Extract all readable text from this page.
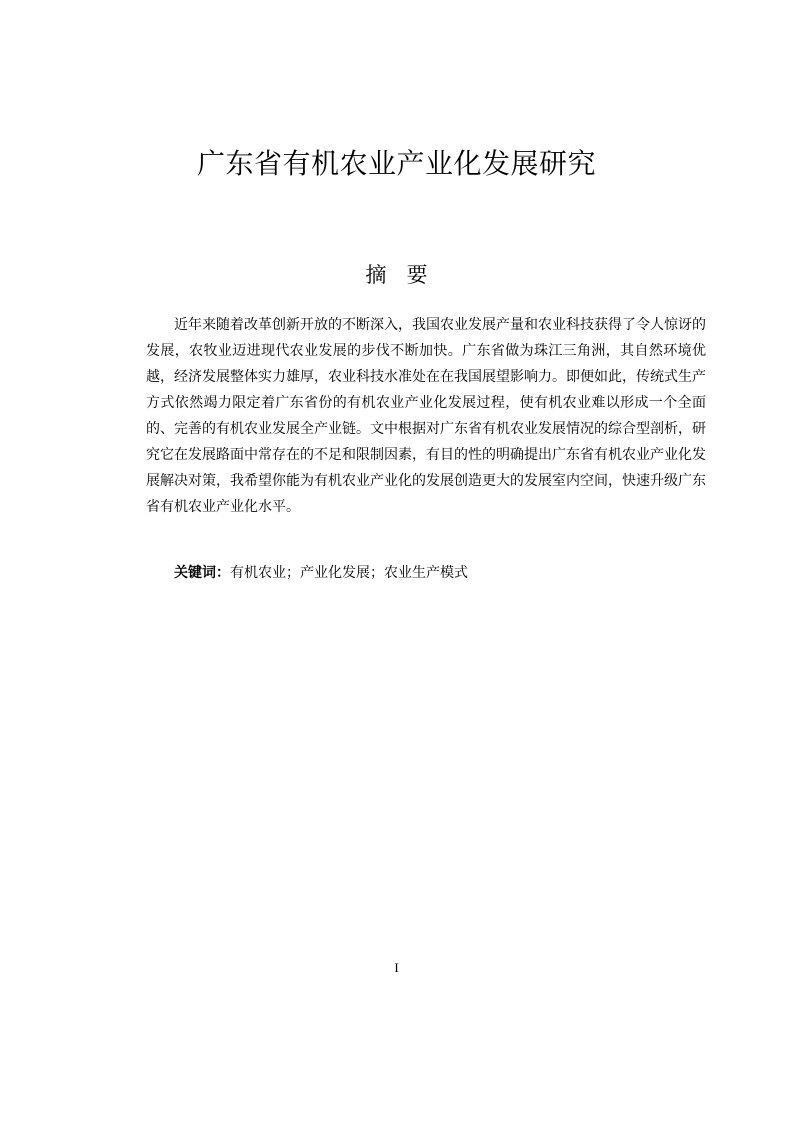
广东省有机农业产业化发展研究
摘要

近年来随着改革创新开放的不断深入，我国农业发展产量和农业科技获得了令人惊讶的发展，农牧业迈进现代农业发展的步伐不断加快。广东省做为珠江三角洲，其自然环境优越，经济发展整体实力雄厚，农业科技水准处在在我国展望影响力。即便如此，传统式生产方式依然竭力限定着广东省份的有机农业产业化发展过程，使有机农业难以形成一个全面的、完善的有机农业发展全产业链。文中根据对广东省有机农业发展情况的综合型剖析，研究它在发展路面中常存在的不足和限制因素，有目的性的明确提出广东省有机农业产业化发展解决对策，我希望你能为有机农业产业化的发展创造更大的发展室内空间，快速升级广东省有机农业产业化水平。

关键词：有机农业；产业化发展；农业生产模式

I
